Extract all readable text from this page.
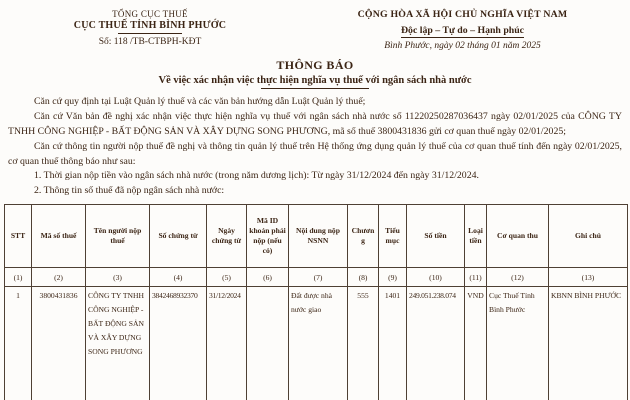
TỔNG CỤC THUẾ
CỤC THUẾ TỈNH BÌNH PHƯỚC
Số: 118 /TB-CTBPH-KĐT
CỘNG HÒA XÃ HỘI CHỦ NGHĨA VIỆT NAM
Độc lập – Tự do – Hạnh phúc
Bình Phước, ngày 02 tháng 01 năm 2025
THÔNG BÁO
Về việc xác nhận việc thực hiện nghĩa vụ thuế với ngân sách nhà nước

Căn cứ quy định tại Luật Quản lý thuế và các văn bản hướng dẫn Luật Quản lý thuế;

Căn cứ Văn bản đề nghị xác nhận việc thực hiện nghĩa vụ thuế với ngân sách nhà nước số 11220250287036437 ngày 02/01/2025 của CÔNG TY TNHH CÔNG NGHIỆP - BẤT ĐỘNG SẢN VÀ XÂY DỰNG SONG PHƯƠNG, mã số thuế 3800431836 gửi cơ quan thuế ngày 02/01/2025;

Căn cứ thông tin người nộp thuế đề nghị và thông tin quản lý thuế trên Hệ thống ứng dụng quản lý thuế của cơ quan thuế tính đến ngày 02/01/2025, cơ quan thuế thông báo như sau:

1. Thời gian nộp tiền vào ngân sách nhà nước (trong năm dương lịch): Từ ngày 31/12/2024 đến ngày 31/12/2024.

2. Thông tin số thuế đã nộp ngân sách nhà nước:

STT	Mã số thuế	Tên người nộp thuế	Số chứng từ	Ngày chứng từ	Mã ID khoản phải nộp (nếu có)	Nội dung nộp NSNN	Chương	Tiểu mục	Số tiền	Loại tiền	Cơ quan thu	Ghi chú
(1)	(2)	(3)	(4)	(5)	(6)	(7)	(8)	(9)	(10)	(11)	(12)	(13)
1	3800431836	CÔNG TY TNHH CÔNG NGHIỆP - BẤT ĐỘNG SẢN VÀ XÂY DỰNG SONG PHƯƠNG	3842468932370	31/12/2024		Đất được nhà nước giao	555	1401	249.051.238.074	VND	Cục Thuế Tỉnh Bình Phước	KBNN BÌNH PHƯỚC
